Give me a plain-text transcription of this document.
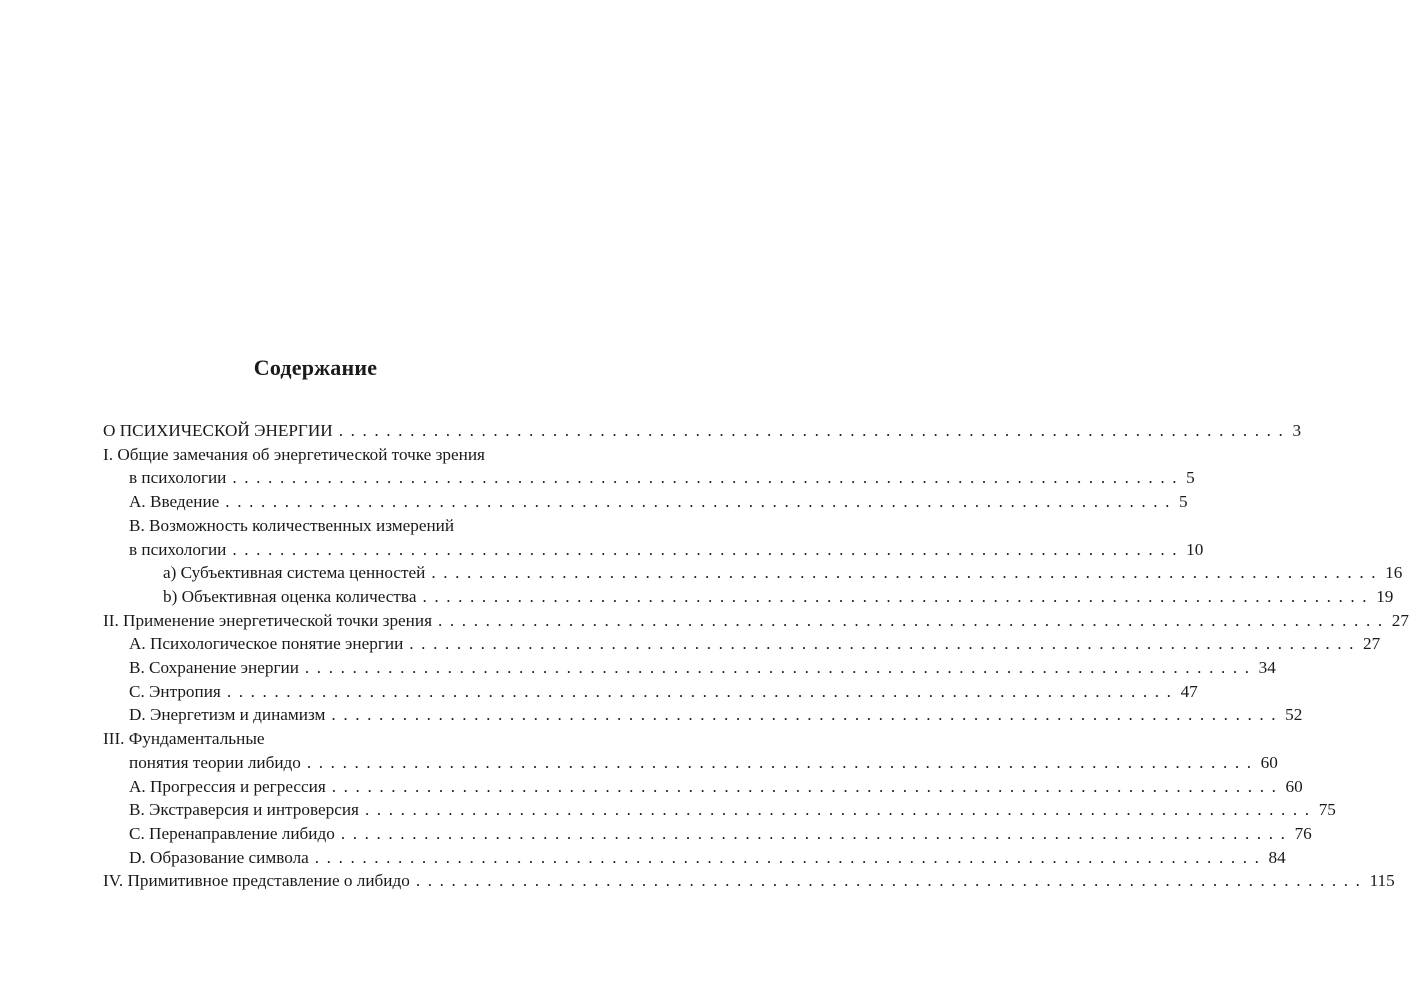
Содержание
О ПСИХИЧЕСКОЙ ЭНЕРГИИ ................................................................................ 3
I. Общие замечания об энергетической точке зрения
в психологии ................................................................................ 5
A. Введение ................................................................................ 5
B. Возможность количественных измерений
в психологии ................................................................................ 10
a) Субъективная система ценностей ................................................................................ 16
b) Объективная оценка количества ................................................................................ 19
II. Применение энергетической точки зрения ................................................................................ 27
A. Психологическое понятие энергии ................................................................................ 27
B. Сохранение энергии ................................................................................ 34
C. Энтропия ................................................................................ 47
D. Энергетизм и динамизм ................................................................................ 52
III. Фундаментальные
понятия теории либидо ................................................................................ 60
A. Прогрессия и регрессия ................................................................................ 60
B. Экстраверсия и интроверсия ................................................................................ 75
C. Перенаправление либидо ................................................................................ 76
D. Образование символа ................................................................................ 84
IV. Примитивное представление о либидо ................................................................................ 115
